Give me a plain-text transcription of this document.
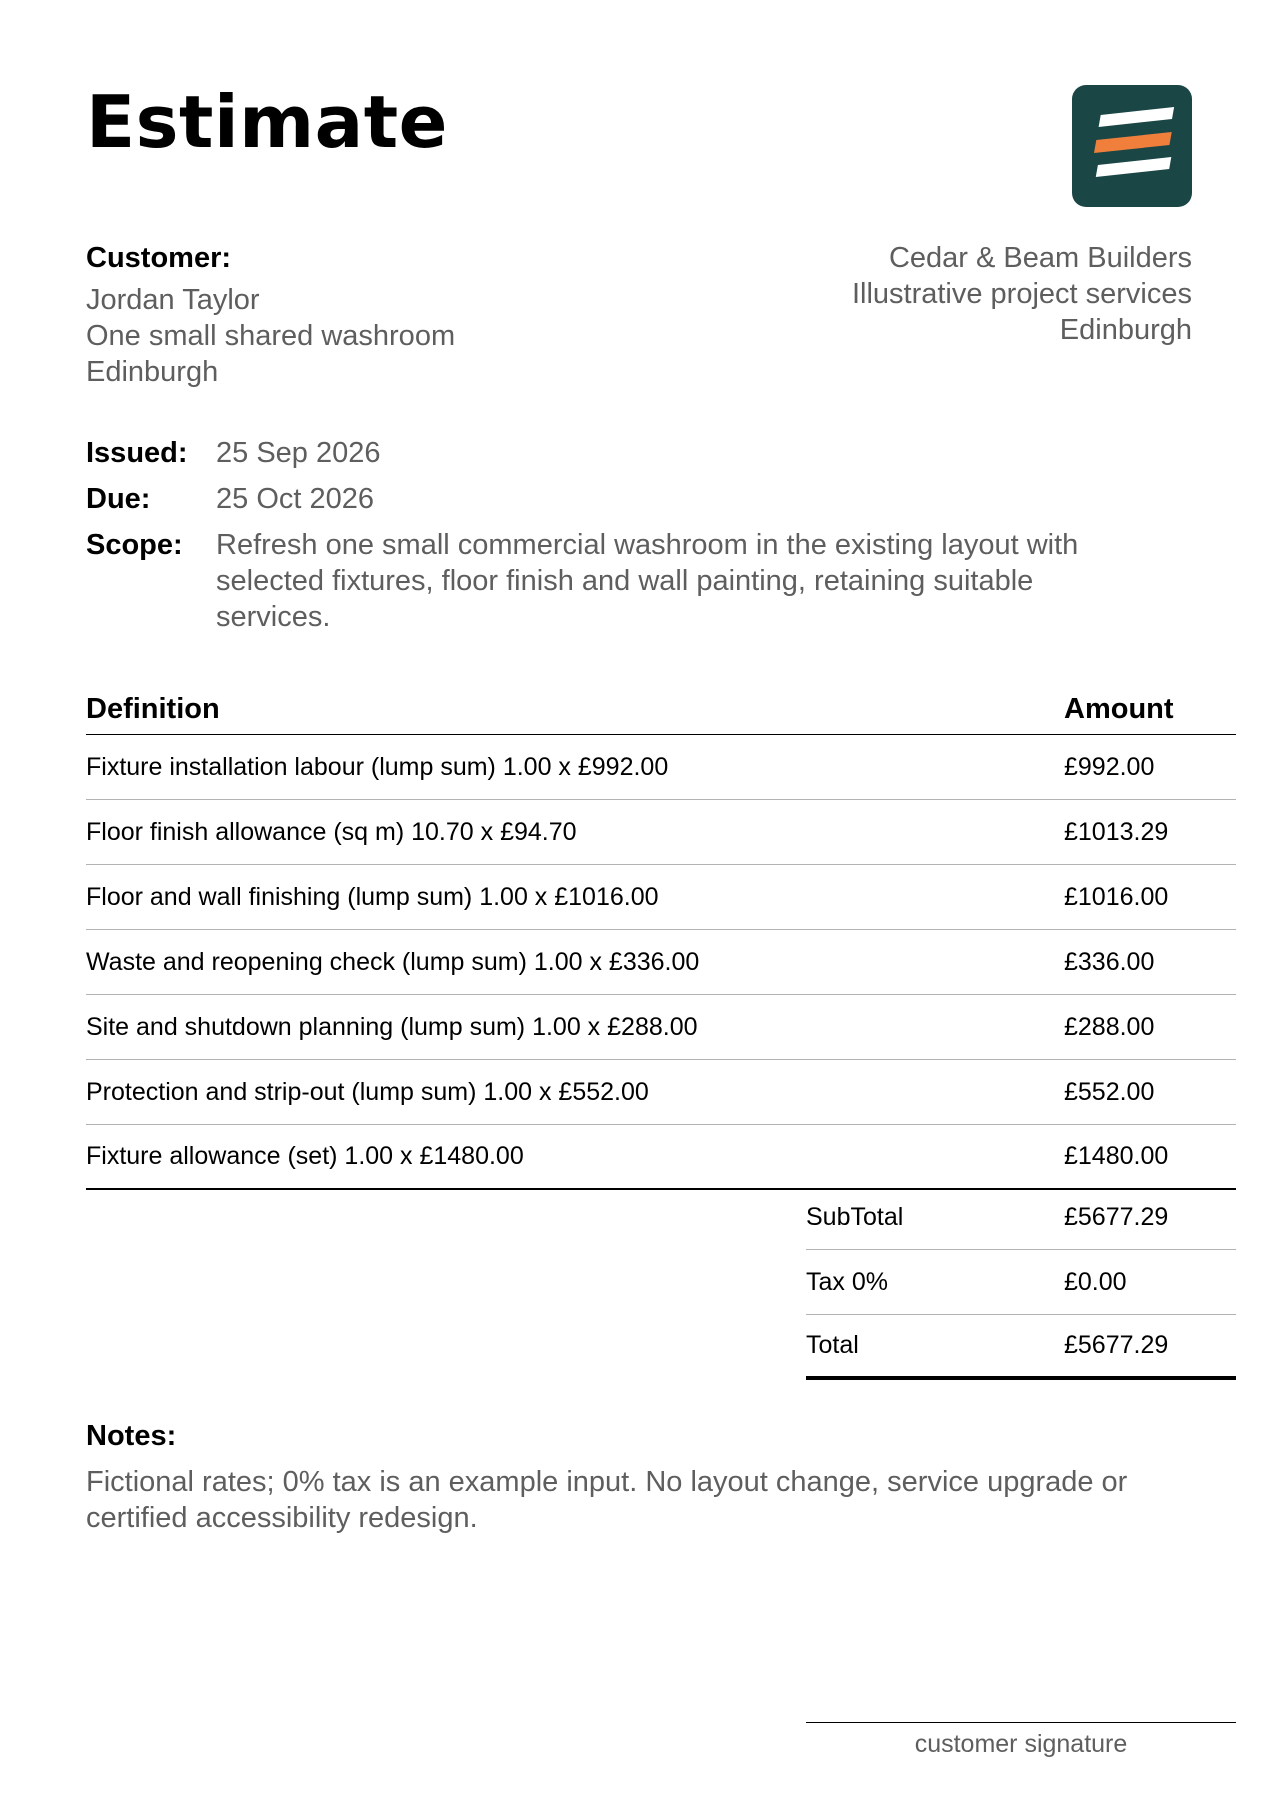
Estimate
Customer:
Jordan Taylor
One small shared washroom
Edinburgh
Cedar & Beam Builders
Illustrative project services
Edinburgh
Issued: 25 Sep 2026
Due:	25 Oct 2026
Scope:	Refresh one small commercial washroom in the existing layout with selected fixtures, floor finish and wall painting, retaining suitable services.
Definition	Amount
Fixture installation labour (lump sum) 1.00 x £992.00	£992.00
Floor finish allowance (sq m) 10.70 x £94.70	£1013.29
Floor and wall finishing (lump sum) 1.00 x £1016.00	£1016.00
Waste and reopening check (lump sum) 1.00 x £336.00	£336.00
Site and shutdown planning (lump sum) 1.00 x £288.00	£288.00
Protection and strip-out (lump sum) 1.00 x £552.00	£552.00
Fixture allowance (set) 1.00 x £1480.00	£1480.00
SubTotal	£5677.29
Tax 0%	£0.00
Total	£5677.29
Notes:
Fictional rates; 0% tax is an example input. No layout change, service upgrade or certified accessibility redesign.
customer signature
